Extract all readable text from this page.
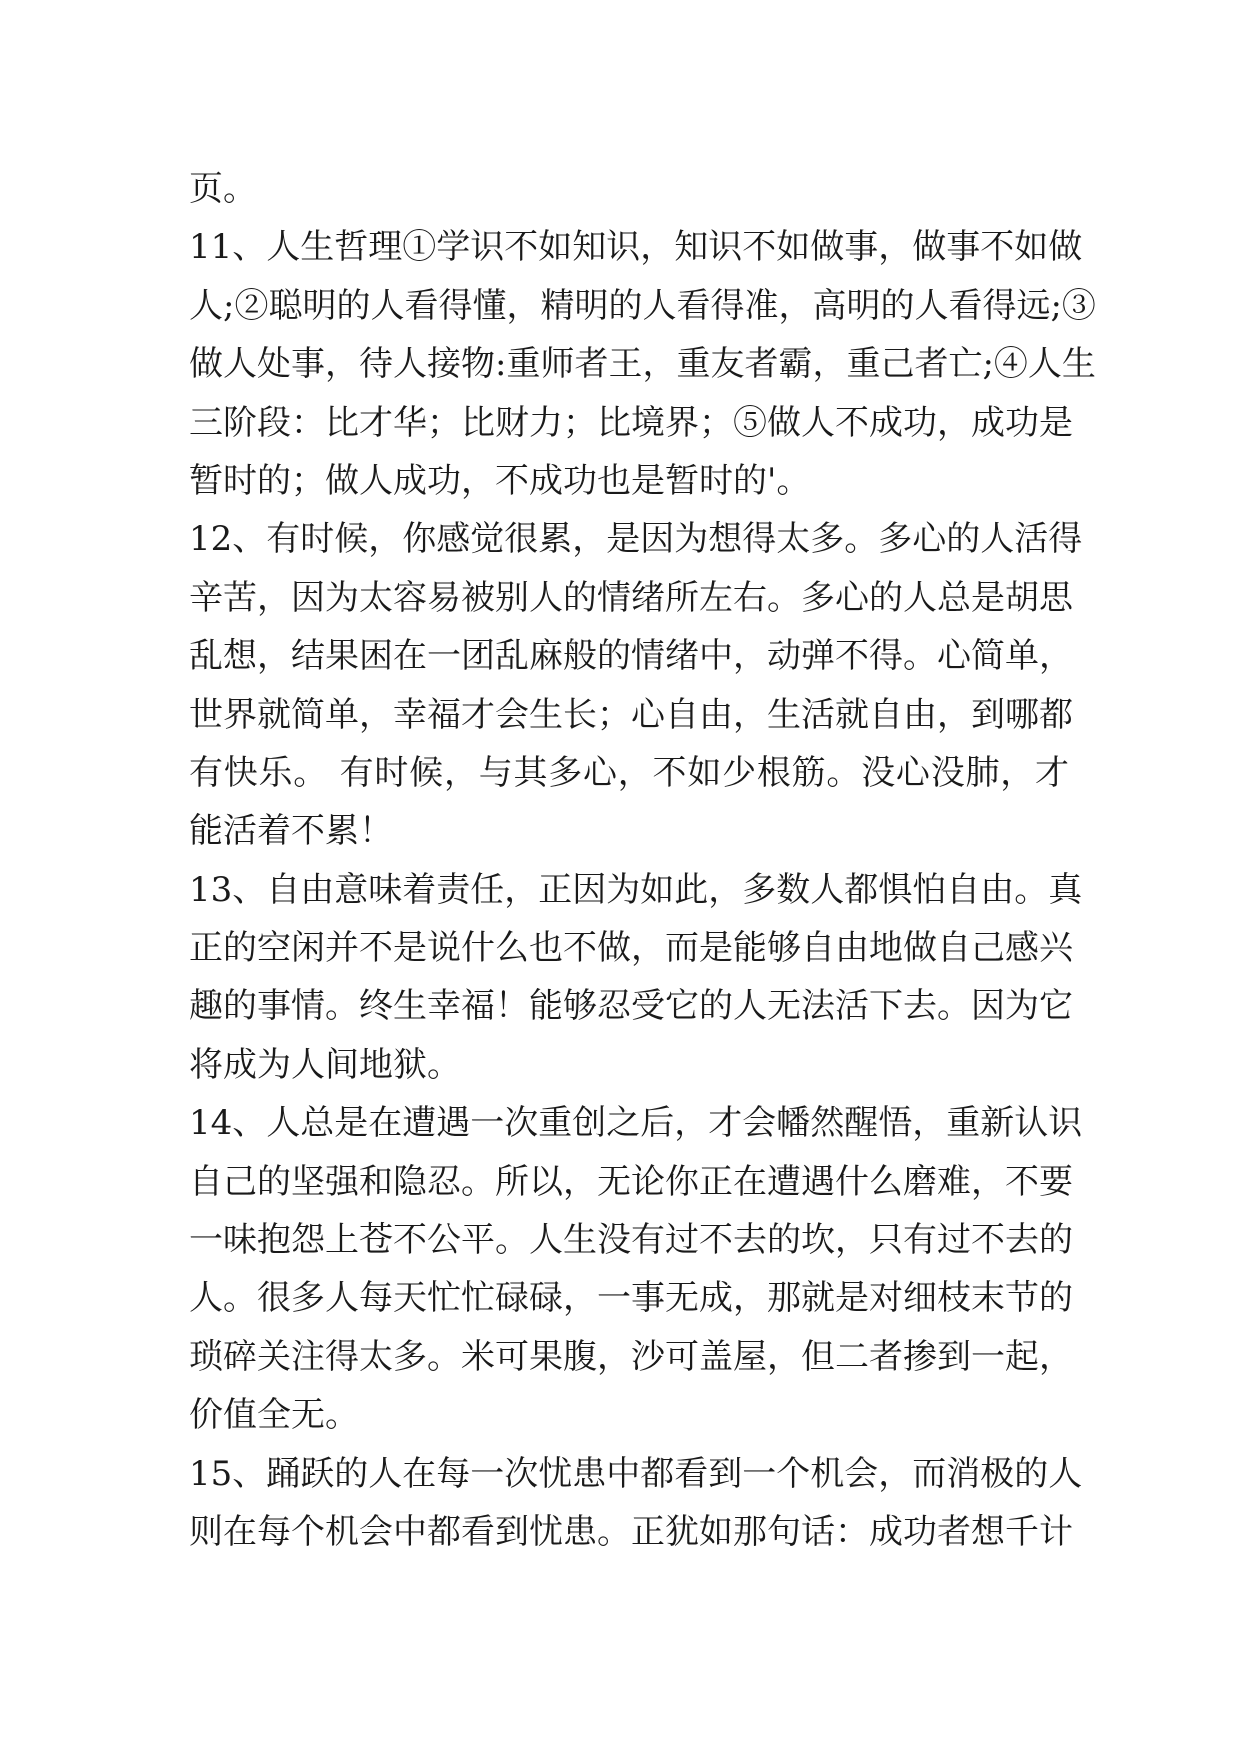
页。
11、人生哲理①学识不如知识，知识不如做事，做事不如做
人;②聪明的人看得懂，精明的人看得准，高明的人看得远;③
做人处事，待人接物:重师者王，重友者霸，重己者亡;④人生
三阶段：比才华；比财力；比境界；⑤做人不成功，成功是
暂时的；做人成功，不成功也是暂时的'。
12、有时候，你感觉很累，是因为想得太多。多心的人活得
辛苦，因为太容易被别人的情绪所左右。多心的人总是胡思
乱想，结果困在一团乱麻般的情绪中，动弹不得。心简单，
世界就简单，幸福才会生长；心自由，生活就自由，到哪都
有快乐。 有时候，与其多心，不如少根筋。没心没肺，才
能活着不累！
13、自由意味着责任，正因为如此，多数人都惧怕自由。真
正的空闲并不是说什么也不做，而是能够自由地做自己感兴
趣的事情。终生幸福！能够忍受它的人无法活下去。因为它
将成为人间地狱。
14、人总是在遭遇一次重创之后，才会幡然醒悟，重新认识
自己的坚强和隐忍。所以，无论你正在遭遇什么磨难，不要
一味抱怨上苍不公平。人生没有过不去的坎，只有过不去的
人。很多人每天忙忙碌碌，一事无成，那就是对细枝末节的
琐碎关注得太多。米可果腹，沙可盖屋，但二者掺到一起，
价值全无。
15、踊跃的人在每一次忧患中都看到一个机会，而消极的人
则在每个机会中都看到忧患。正犹如那句话：成功者想千计
